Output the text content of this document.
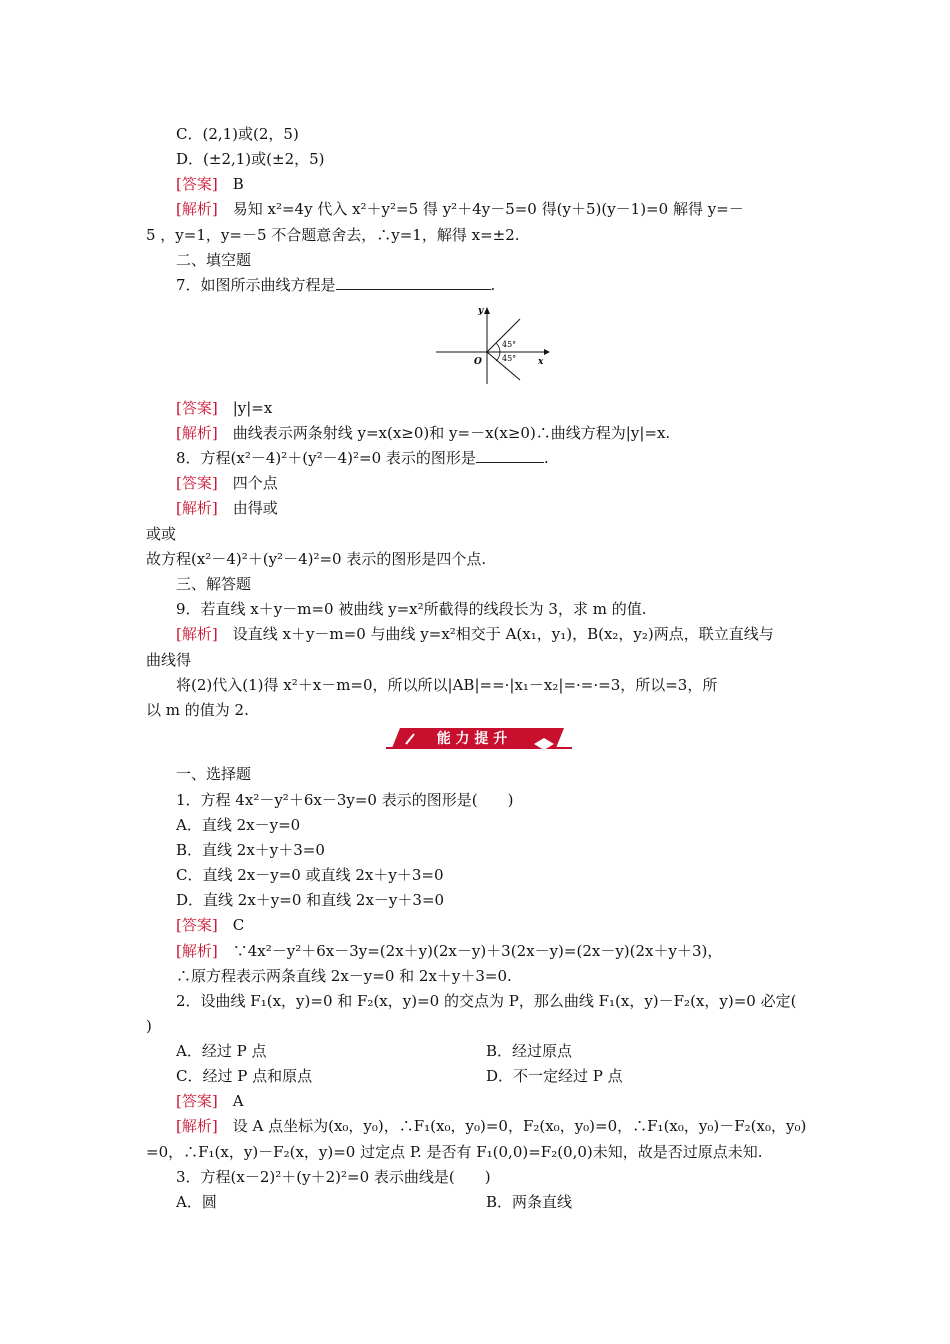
C．(2,1)或(2，5)
D．(±2,1)或(±2，5)
[答案]　B
[解析]　易知 x²=4y 代入 x²＋y²=5 得 y²＋4y－5=0 得(y＋5)(y－1)=0 解得 y=－
5 ，y=1，y=－5 不合题意舍去，∴y=1，解得 x=±2.
二、填空题
7．如图所示曲线方程是	.
y
x
O
45°
45°
[答案]　|y|=x
[解析]　曲线表示两条射线 y=x(x≥0)和 y=－x(x≥0)∴曲线方程为|y|=x.
8．方程(x²－4)²＋(y²－4)²=0 表示的图形是	.
[答案]　四个点
[解析]　由得或
或或
故方程(x²－4)²＋(y²－4)²=0 表示的图形是四个点.
三、解答题
9．若直线 x＋y－m=0 被曲线 y=x²所截得的线段长为 3，求 m 的值.
[解析]　设直线 x＋y－m=0 与曲线 y=x²相交于 A(x₁，y₁)，B(x₂，y₂)两点，联立直线与
曲线得
将(2)代入(1)得 x²＋x－m=0，所以所以|AB|==·|x₁－x₂|=·=·=3，所以=3，所
以 m 的值为 2.
能 力 提 升
一、选择题
1．方程 4x²－y²＋6x－3y=0 表示的图形是(　　)
A．直线 2x－y=0
B．直线 2x＋y＋3=0
C．直线 2x－y=0 或直线 2x＋y＋3=0
D．直线 2x＋y=0 和直线 2x－y＋3=0
[答案]　C
[解析]　∵4x²－y²＋6x－3y=(2x＋y)(2x－y)＋3(2x－y)=(2x－y)(2x＋y＋3)，
∴原方程表示两条直线 2x－y=0 和 2x＋y＋3=0.
2．设曲线 F₁(x，y)=0 和 F₂(x，y)=0 的交点为 P，那么曲线 F₁(x，y)－F₂(x，y)=0 必定(
)
A．经过 P 点	B．经过原点
C．经过 P 点和原点	D．不一定经过 P 点
[答案]　A
[解析]　设 A 点坐标为(x₀，y₀)，∴F₁(x₀，y₀)=0，F₂(x₀，y₀)=0，∴F₁(x₀，y₀)－F₂(x₀，y₀)
=0，∴F₁(x，y)－F₂(x，y)=0 过定点 P. 是否有 F₁(0,0)=F₂(0,0)未知，故是否过原点未知.
3．方程(x－2)²＋(y＋2)²=0 表示曲线是(　　)
A．圆	B．两条直线
